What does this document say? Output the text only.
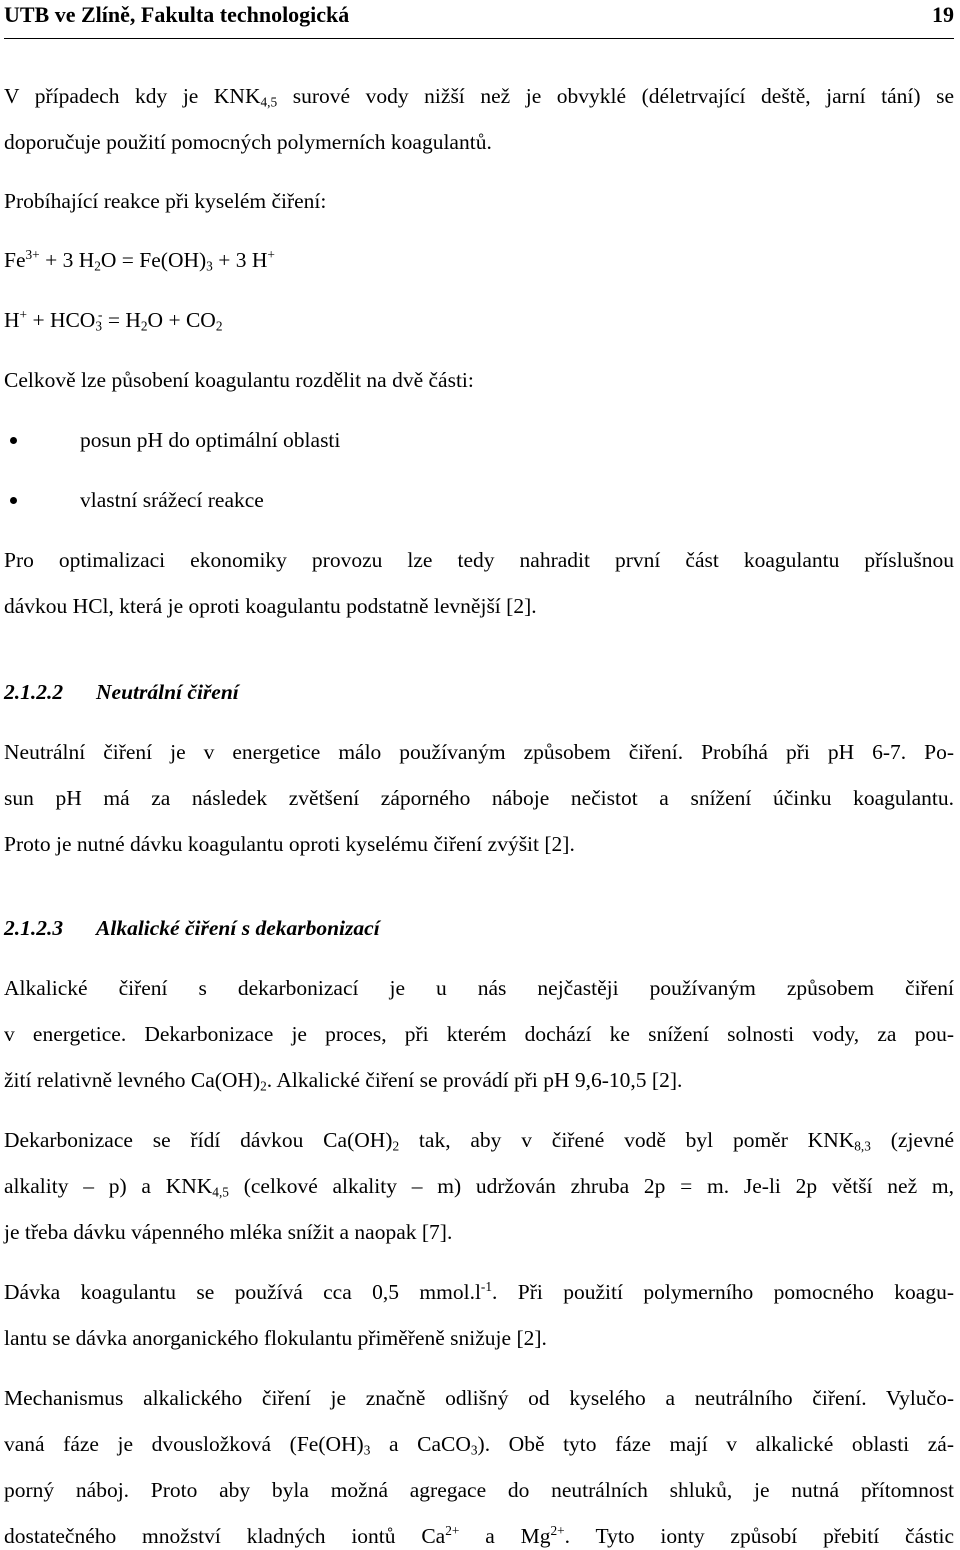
UTB ve Zlíně, Fakulta technologická	19
V případech kdy je $KNK_{4,5}$ surové vody nižší než je obvyklé (déletrvající deště, jarní tání) se
doporučuje použití pomocných polymerních koagulantů.
Probíhající reakce při kyselém čiření:
$Fe^{3+} + 3$ $H_2O = Fe(OH)_3 + 3$ H+
$H^+ + HCO_3^- = H_2O + CO_2$
Celkově lze působení koagulantu rozdělit na dvě části:
posun pH do optimální oblasti
vlastní srážecí reakce
Pro optimalizaci ekonomiky provozu lze tedy nahradit první část koagulantu příslušnou
dávkou HCl, která je oproti koagulantu podstatně levnější [2].
2.1.2.2 Neutrální čiření
Neutrální čiření je v energetice málo používaným způsobem čiření. Probíhá při pH 6-7. Po-
sun pH má za následek zvětšení záporného náboje nečistot a snížení účinku koagulantu.
Proto je nutné dávku koagulantu oproti kyselému čiření zvýšit [2].
2.1.2.3 Alkalické čiření s dekarbonizací
Alkalické čiření s dekarbonizací je u nás nejčastěji používaným způsobem čiření
v energetice. Dekarbonizace je proces, při kterém dochází ke snížení solnosti vody, za pou-
žití relativně levného $Ca(OH)_2$. Alkalické čiření se provádí při pH 9,6-10,5 [2].
Dekarbonizace se řídí dávkou $Ca(OH)_2$ tak, aby v čiřené vodě byl poměr $KNK_{8,3}$ (zjevné
alkality – p) a $KNK_{4,5}$ (celkové alkality – m) udržován zhruba 2p = m. Je-li 2p větší než m,
je třeba dávku vápenného mléka snížit a naopak [7].
Dávka koagulantu se používá cca 0,5 $mmol.l^{-1}$. Při použití polymerního pomocného koagu-
lantu se dávka anorganického flokulantu přiměřeně snižuje [2].
Mechanismus alkalického čiření je značně odlišný od kyselého a neutrálního čiření. Vylučo-
vaná fáze je dvousložková ($Fe(OH)_3$ a CaCO$_3$). Obě tyto fáze mají v alkalické oblasti zá-
porný náboj. Proto aby byla možná agregace do neutrálních shluků, je nutná přítomnost
dostatečného množství kladných iontů $Ca^{2+}$ a $Mg^{2+}$. Tyto ionty způsobí přebití částic
